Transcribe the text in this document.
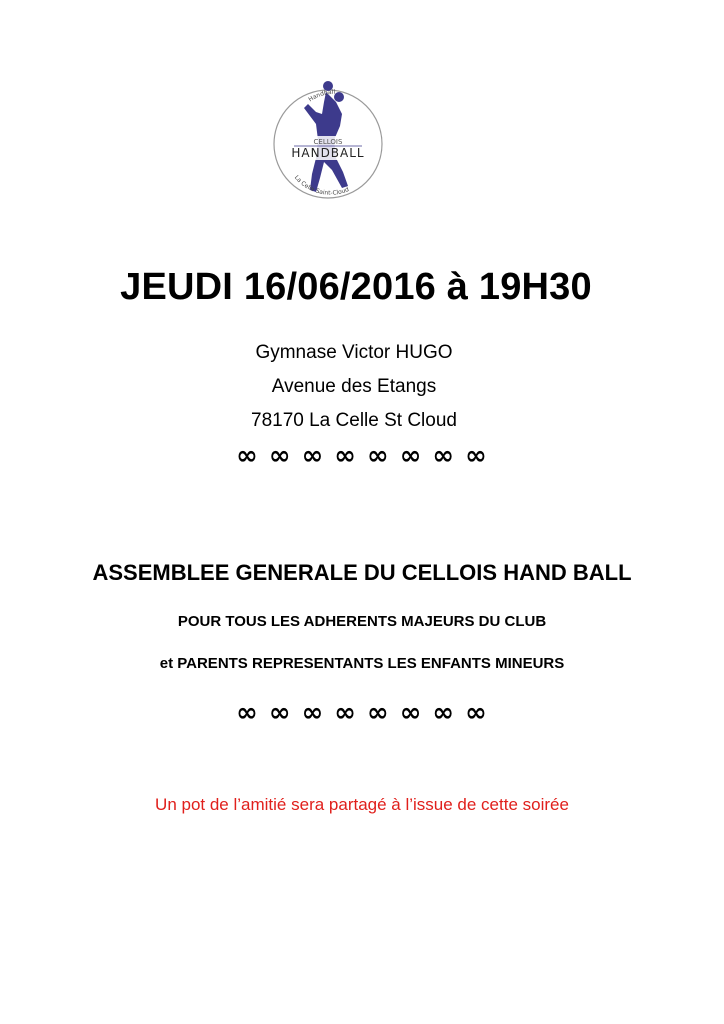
CELLOIS
HANDBALL
Handball
La Celle Saint-Cloud
JEUDI 16/06/2016 à 19H30
Gymnase Victor HUGO
Avenue des Etangs
78170 La Celle St Cloud
∞ ∞ ∞ ∞ ∞ ∞ ∞ ∞
ASSEMBLEE GENERALE DU CELLOIS HAND BALL
POUR TOUS LES ADHERENTS MAJEURS DU CLUB
et PARENTS REPRESENTANTS LES ENFANTS MINEURS
∞ ∞ ∞ ∞ ∞ ∞ ∞ ∞
Un pot de l’amitié sera partagé à l’issue de cette soirée
